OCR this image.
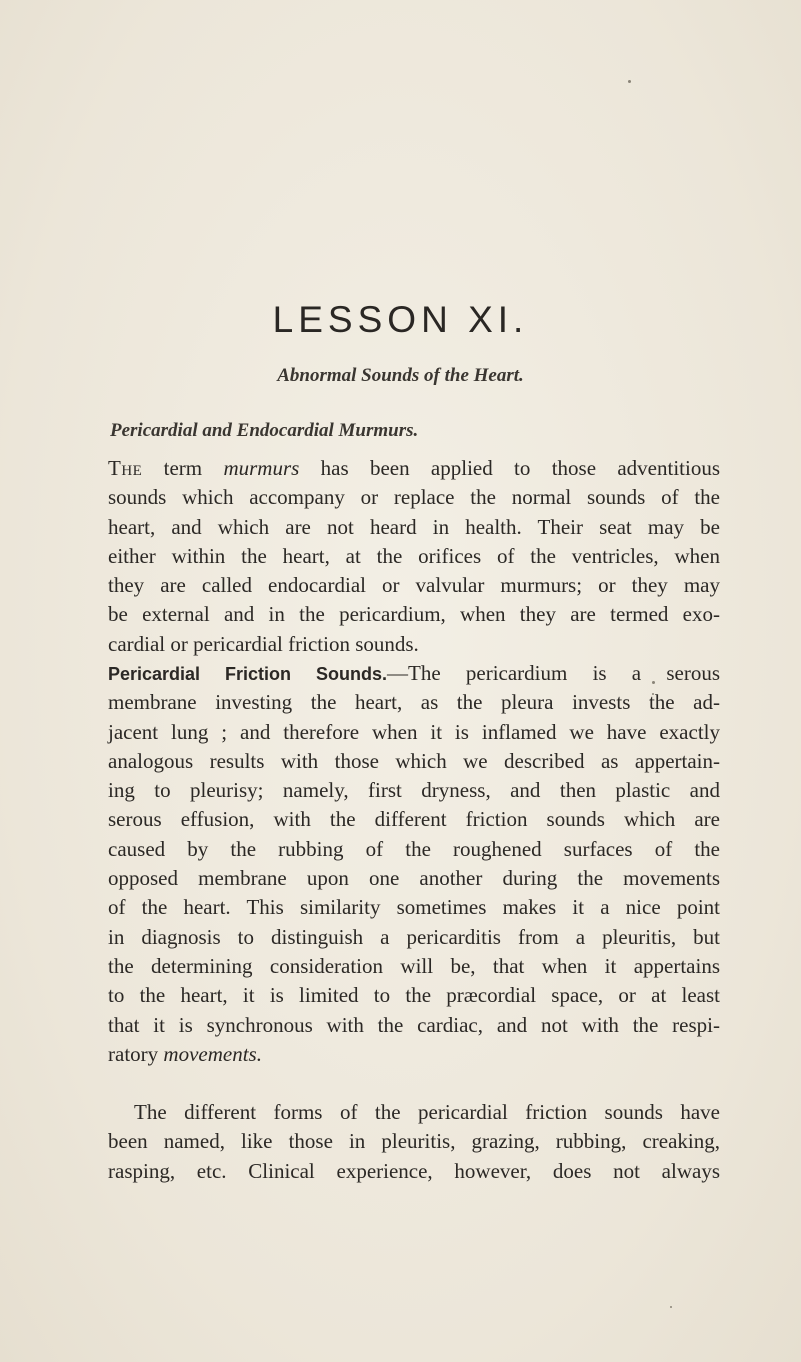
LESSON XI.
Abnormal Sounds of the Heart.
Pericardial and Endocardial Murmurs.
The term murmurs has been applied to those adventitious
sounds which accompany or replace the normal sounds of the
heart, and which are not heard in health. Their seat may be
either within the heart, at the orifices of the ventricles, when
they are called endocardial or valvular murmurs; or they may
be external and in the pericardium, when they are termed exo-
cardial or pericardial friction sounds.
Pericardial Friction Sounds.—The pericardium is a serous
membrane investing the heart, as the pleura invests the ad-
jacent lung ; and therefore when it is inflamed we have exactly
analogous results with those which we described as appertain-
ing to pleurisy; namely, first dryness, and then plastic and
serous effusion, with the different friction sounds which are
caused by the rubbing of the roughened surfaces of the
opposed membrane upon one another during the movements
of the heart. This similarity sometimes makes it a nice point
in diagnosis to distinguish a pericarditis from a pleuritis, but
the determining consideration will be, that when it appertains
to the heart, it is limited to the præcordial space, or at least
that it is synchronous with the cardiac, and not with the respi-
ratory movements.
The different forms of the pericardial friction sounds have
been named, like those in pleuritis, grazing, rubbing, creaking,
rasping, etc. Clinical experience, however, does not always
